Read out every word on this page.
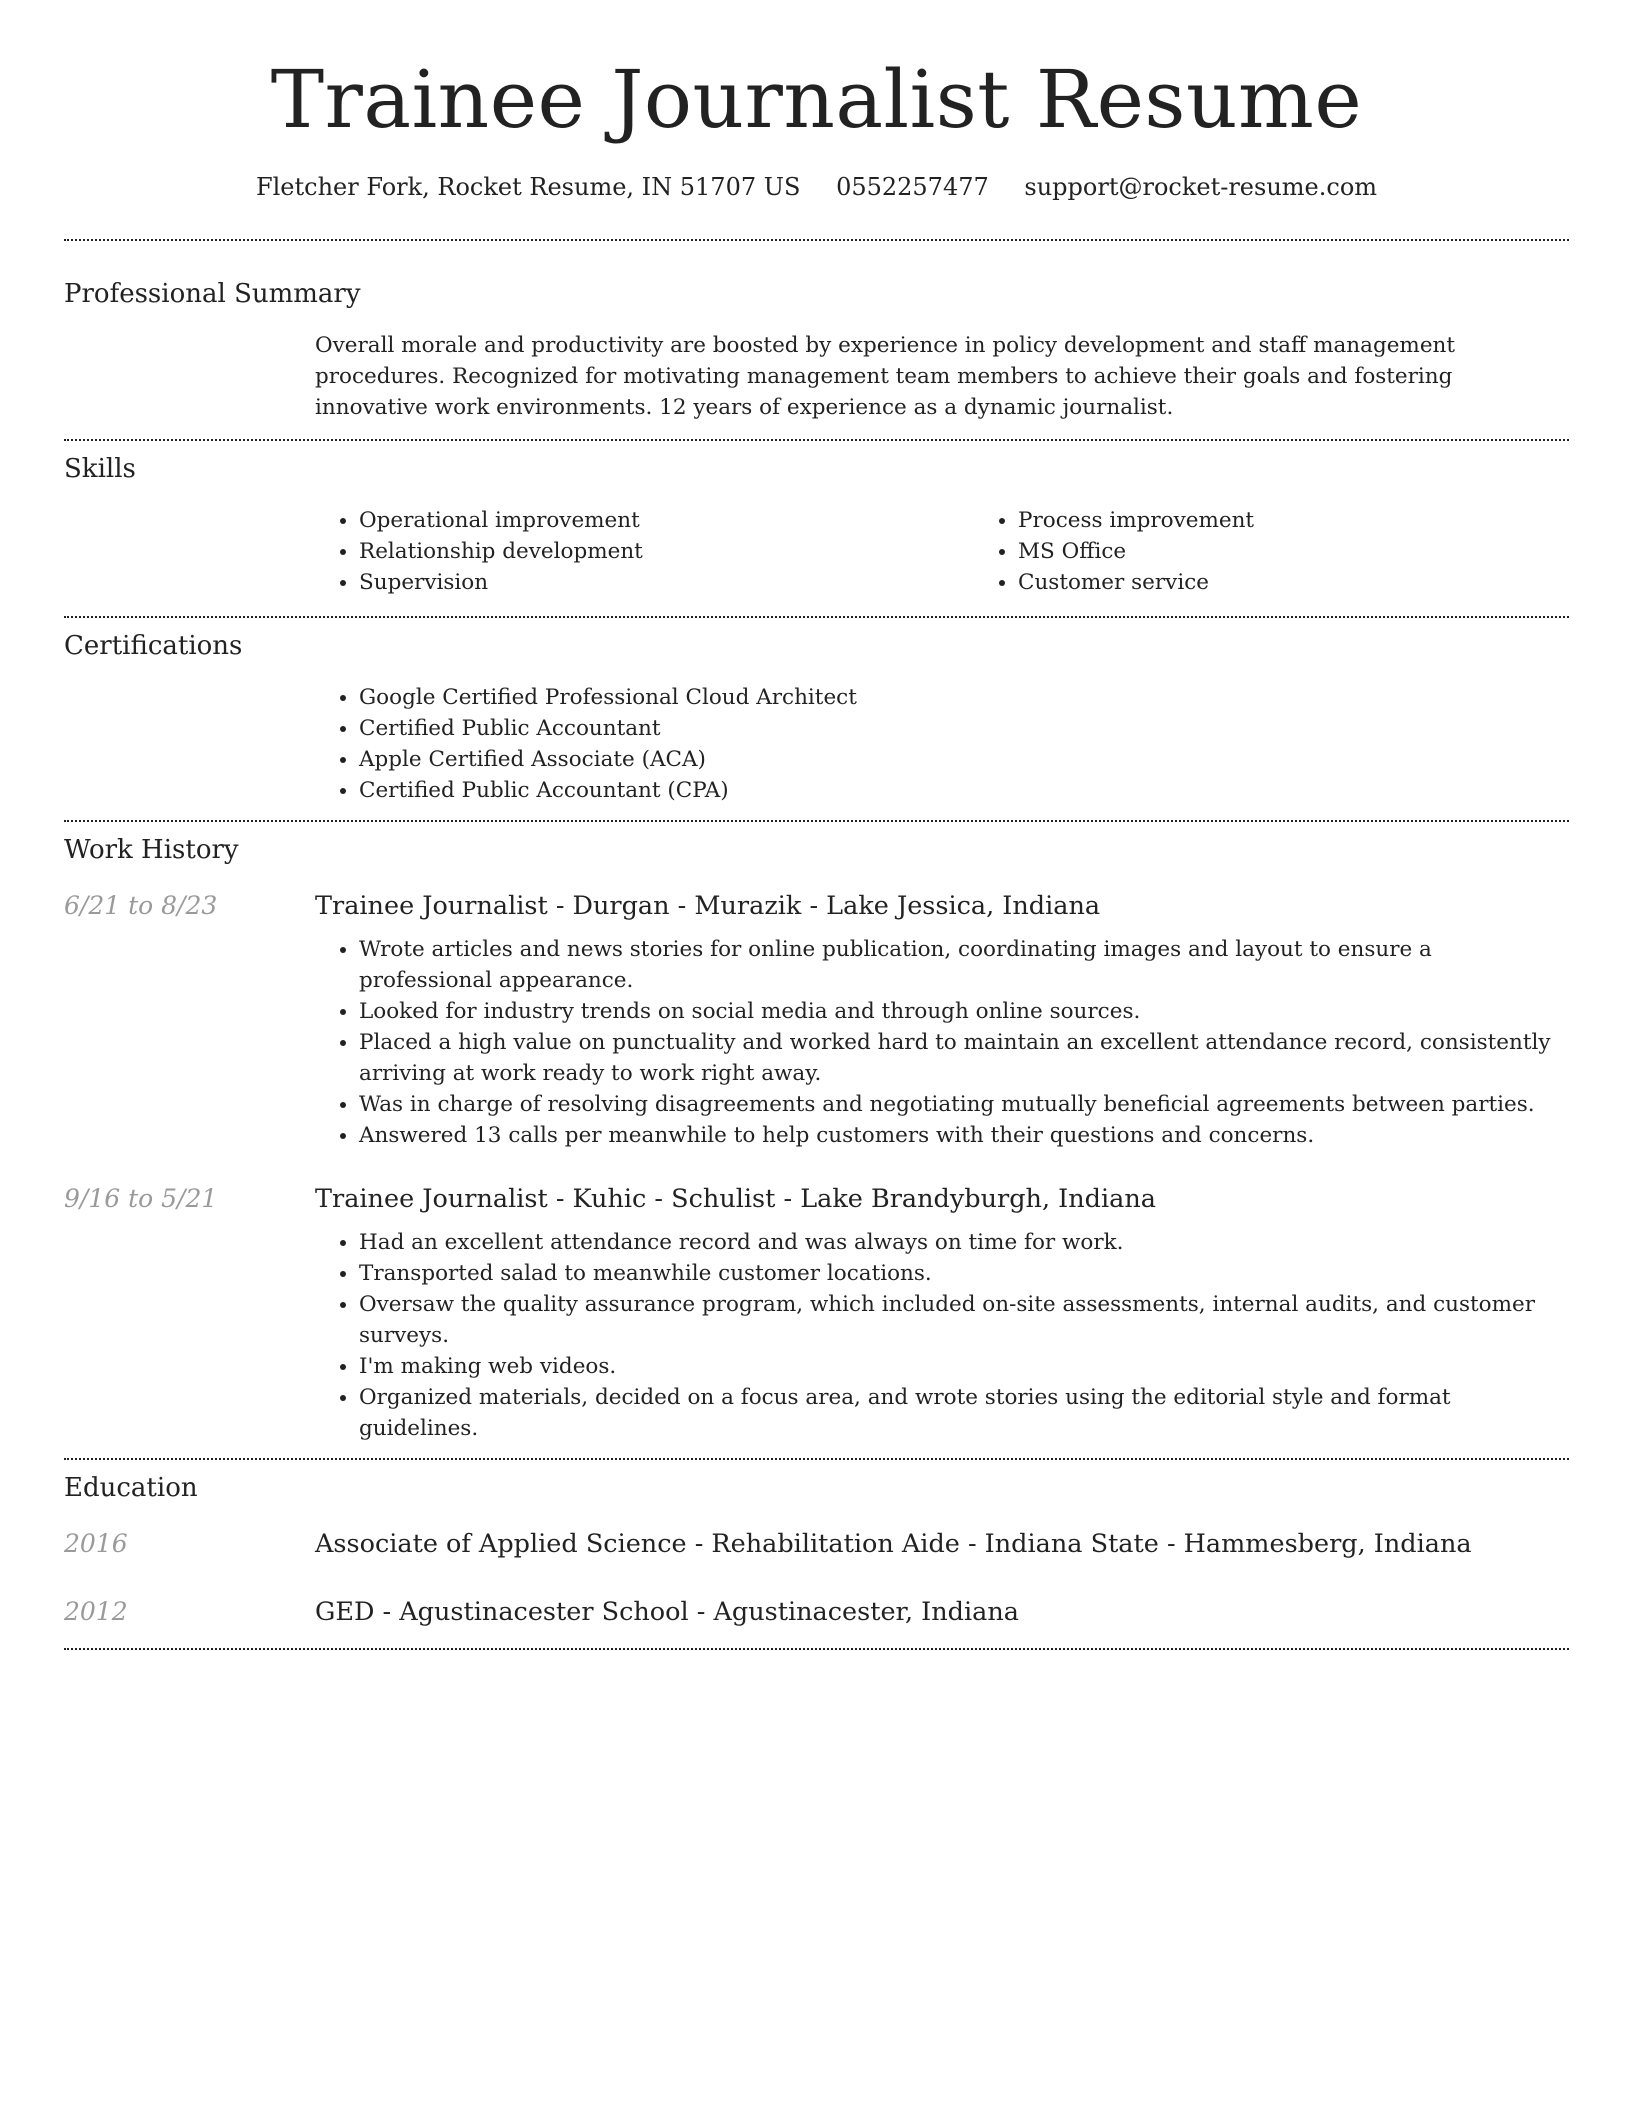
Trainee Journalist Resume
Fletcher Fork, Rocket Resume, IN 51707 US 0552257477 support@rocket-resume.com
Professional Summary

Overall morale and productivity are boosted by experience in policy development and staff management procedures. Recognized for motivating management team members to achieve their goals and fostering innovative work environments. 12 years of experience as a dynamic journalist.

Skills
• Operational improvement
• Relationship development
• Supervision
• Process improvement
• MS Office
• Customer service
Certifications
• Google Certified Professional Cloud Architect
• Certified Public Accountant
• Apple Certified Associate (ACA)
• Certified Public Accountant (CPA)
Work History
6/21 to 8/23	Trainee Journalist - Durgan - Murazik - Lake Jessica, Indiana
• Wrote articles and news stories for online publication, coordinating images and layout to ensure a professional appearance.
• Looked for industry trends on social media and through online sources.
• Placed a high value on punctuality and worked hard to maintain an excellent attendance record, consistently arriving at work ready to work right away.
• Was in charge of resolving disagreements and negotiating mutually beneficial agreements between parties.
• Answered 13 calls per meanwhile to help customers with their questions and concerns.
9/16 to 5/21	Trainee Journalist - Kuhic - Schulist - Lake Brandyburgh, Indiana
• Had an excellent attendance record and was always on time for work.
• Transported salad to meanwhile customer locations.
• Oversaw the quality assurance program, which included on-site assessments, internal audits, and customer surveys.
• I'm making web videos.
• Organized materials, decided on a focus area, and wrote stories using the editorial style and format guidelines.
Education
2016	Associate of Applied Science - Rehabilitation Aide - Indiana State - Hammesberg, Indiana
2012	GED - Agustinacester School - Agustinacester, Indiana
